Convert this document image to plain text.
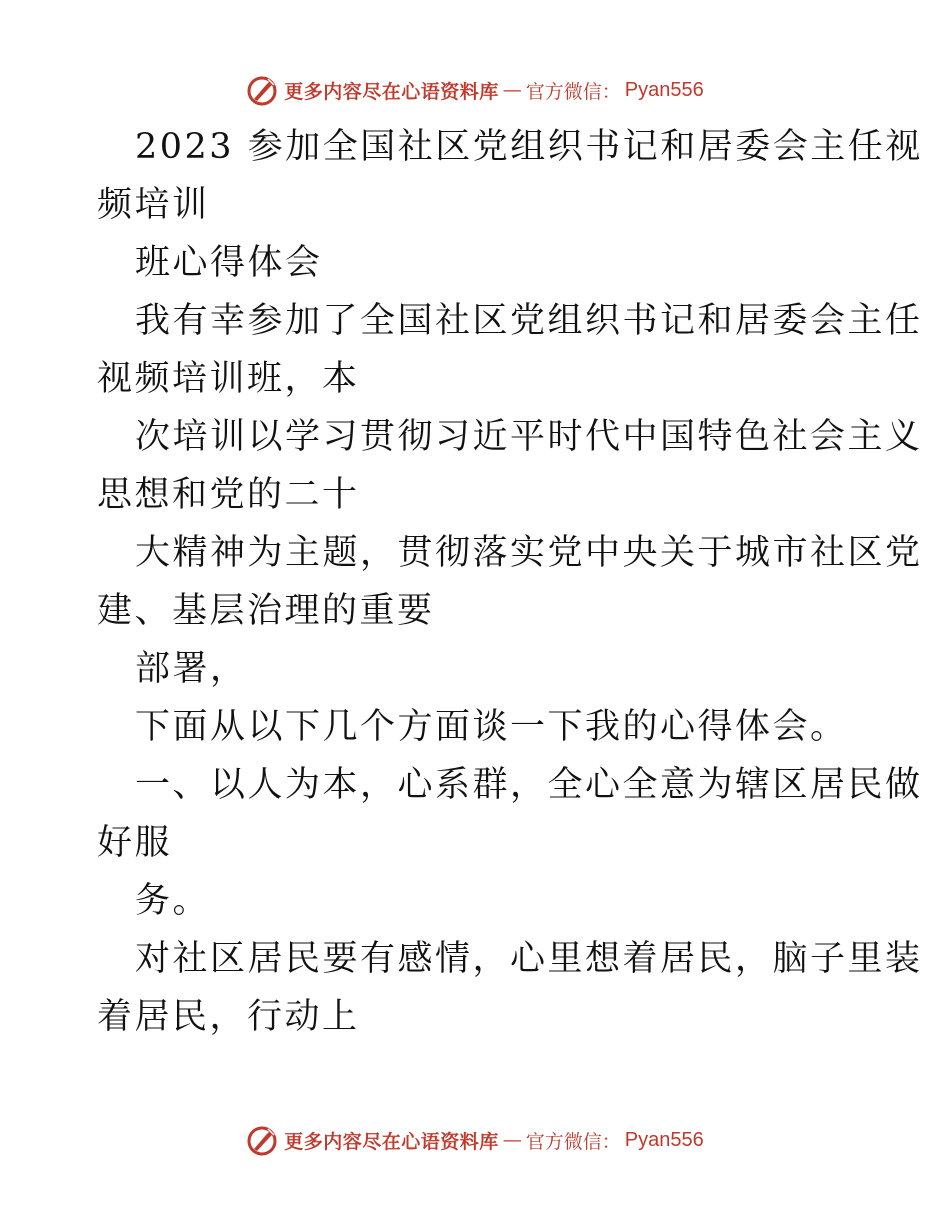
更多内容尽在心语资料库 — 官方微信： Pyan556
2023 参加全国社区党组织书记和居委会主任视
频培训
班心得体会
我有幸参加了全国社区党组织书记和居委会主任
视频培训班，本
次培训以学习贯彻习近平时代中国特色社会主义
思想和党的二十
大精神为主题，贯彻落实党中央关于城市社区党
建、基层治理的重要
部署，
下面从以下几个方面谈一下我的心得体会。
一、以人为本，心系群，全心全意为辖区居民做
好服
务。
对社区居民要有感情，心里想着居民，脑子里装
着居民，行动上
更多内容尽在心语资料库 — 官方微信： Pyan556
